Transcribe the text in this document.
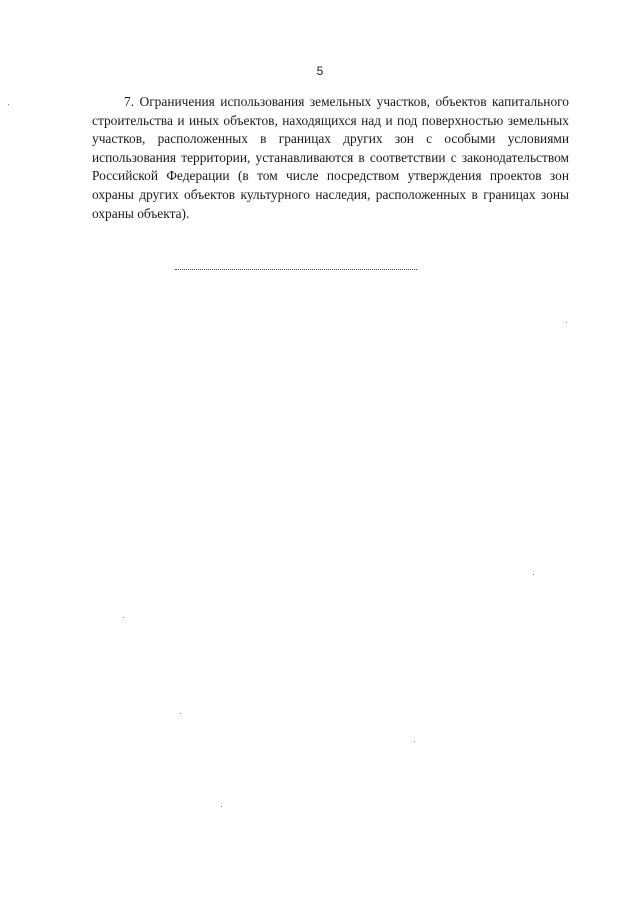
5

7. Ограничения использования земельных участков, объектов капитального строительства и иных объектов, находящихся над и под поверхностью земельных участков, расположенных в границах других зон с особыми условиями использования территории, устанавливаются в соответствии с законодательством Российской Федерации (в том числе посредством утверждения проектов зон охраны других объектов культурного наследия, расположенных в границах зоны охраны объекта).
